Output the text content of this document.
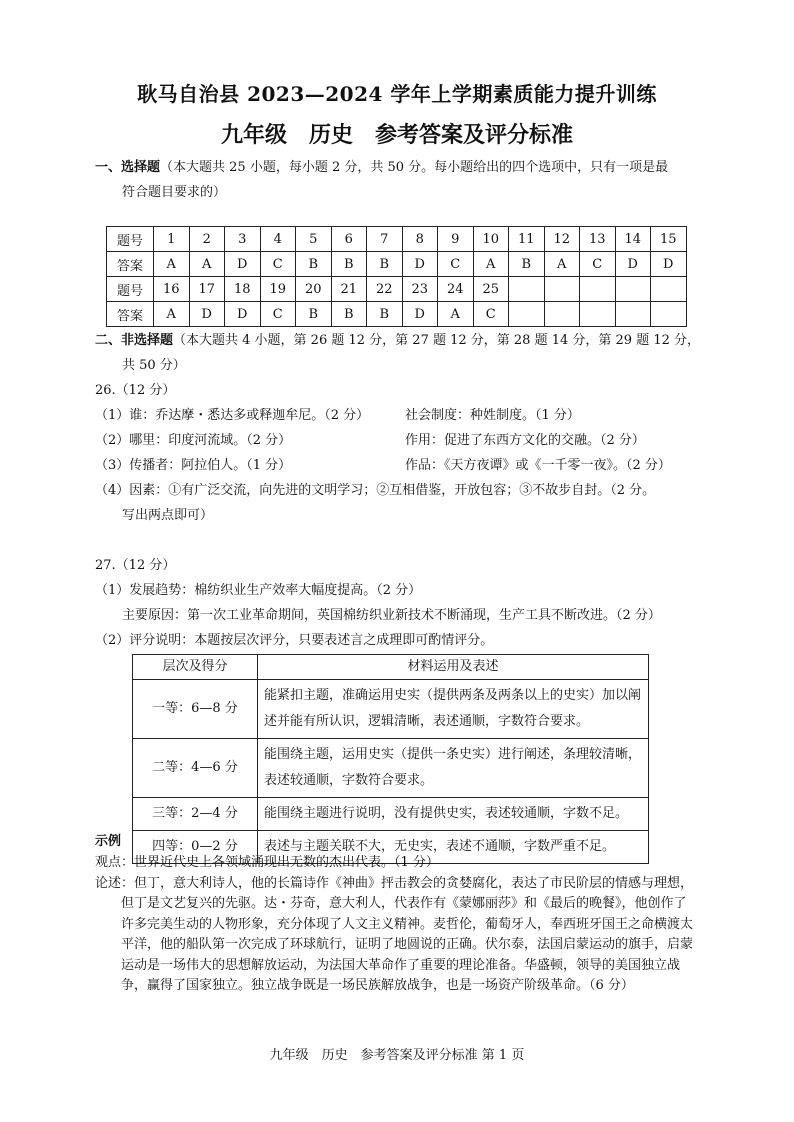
耿马自治县 2023—2024 学年上学期素质能力提升训练
九年级　历史　参考答案及评分标准
一、选择题（本大题共 25 小题，每小题 2 分，共 50 分。每小题给出的四个选项中，只有一项是最
符合题目要求的）
题号	1	2	3	4	5	6	7	8	9	10	11	12	13	14	15
答案	A	A	D	C	B	B	B	D	C	A	B	A	C	D	D
题号	16	17	18	19	20	21	22	23	24	25					
答案	A	D	D	C	B	B	B	D	A	C					
二、非选择题（本大题共 4 小题，第 26 题 12 分，第 27 题 12 分，第 28 题 14 分，第 29 题 12 分，
共 50 分）
26.（12 分）
（1）谁：乔达摩・悉达多或释迦牟尼。（2 分）	社会制度：种姓制度。（1 分）
（2）哪里：印度河流域。（2 分）	作用：促进了东西方文化的交融。（2 分）
（3）传播者：阿拉伯人。（1 分）	作品：《天方夜谭》或《一千零一夜》。（2 分）
（4）因素：①有广泛交流，向先进的文明学习；②互相借鉴，开放包容；③不故步自封。（2 分。
写出两点即可）
27.（12 分）
（1）发展趋势：棉纺织业生产效率大幅度提高。（2 分）
主要原因：第一次工业革命期间，英国棉纺织业新技术不断涌现，生产工具不断改进。（2 分）
（2）评分说明：本题按层次评分，只要表述言之成理即可酌情评分。
层次及得分	材料运用及表述
一等：6—8 分	能紧扣主题，准确运用史实（提供两条及两条以上的史实）加以阐述并能有所认识，逻辑清晰，表述通顺，字数符合要求。
二等：4—6 分	能围绕主题，运用史实（提供一条史实）进行阐述，条理较清晰，表述较通顺，字数符合要求。
三等：2—4 分	能围绕主题进行说明，没有提供史实，表述较通顺，字数不足。
四等：0—2 分	表述与主题关联不大，无史实，表述不通顺，字数严重不足。
示例
观点：世界近代史上各领域涌现出无数的杰出代表。（1 分）
论述：但丁，意大利诗人，他的长篇诗作《神曲》抨击教会的贪婪腐化，表达了市民阶层的情感与理想，但丁是文艺复兴的先驱。达・芬奇，意大利人，代表作有《蒙娜丽莎》和《最后的晚餐》，他创作了许多完美生动的人物形象，充分体现了人文主义精神。麦哲伦，葡萄牙人，奉西班牙国王之命横渡太平洋，他的船队第一次完成了环球航行，证明了地圆说的正确。伏尔泰，法国启蒙运动的旗手，启蒙运动是一场伟大的思想解放运动，为法国大革命作了重要的理论准备。华盛顿，领导的美国独立战争，赢得了国家独立。独立战争既是一场民族解放战争，也是一场资产阶级革命。（6 分）
九年级　历史　参考答案及评分标准 第 1 页
